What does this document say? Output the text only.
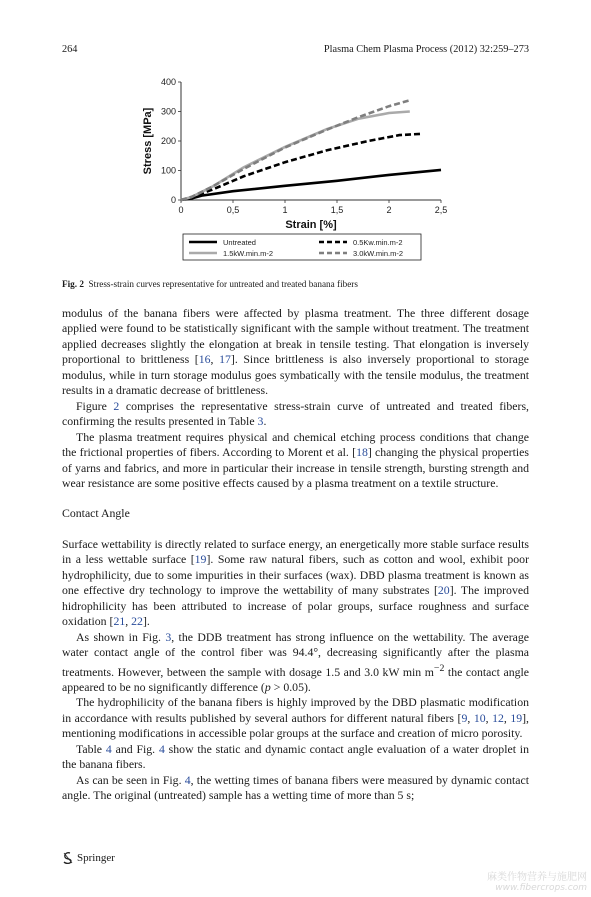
264	Plasma Chem Plasma Process (2012) 32:259–273
0	0,5	1	1,5	2	2,5
0
100
200
300
400
Strain [%]
Stress [MPa]
Untreated	0.5Kw.min.m-2
1.5kW.min.m-2	3.0kW.min.m-2
Fig. 2 Stress-strain curves representative for untreated and treated banana fibers

modulus of the banana fibers were affected by plasma treatment. The three different dosage applied were found to be statistically significant with the sample without treatment. The treatment applied decreases slightly the elongation at break in tensile testing. That elongation is inversely proportional to brittleness [16, 17]. Since brittleness is also inversely proportional to storage modulus, while in turn storage modulus goes symbatically with the tensile modulus, the treatment results in a dramatic decrease of brittleness.

Figure 2 comprises the representative stress-strain curve of untreated and treated fibers, confirming the results presented in Table 3.

The plasma treatment requires physical and chemical etching process conditions that change the frictional properties of fibers. According to Morent et al. [18] changing the physical properties of yarns and fabrics, and more in particular their increase in tensile strength, bursting strength and wear resistance are some positive effects caused by a plasma treatment on a textile structure.

Contact Angle

Surface wettability is directly related to surface energy, an energetically more stable surface results in a less wettable surface [19]. Some raw natural fibers, such as cotton and wool, exhibit poor hydrophilicity, due to some impurities in their surfaces (wax). DBD plasma treatment is known as one effective dry technology to improve the wettability of many substrates [20]. The improved hidrophilicity has been attributed to increase of polar groups, surface roughness and surface oxidation [21, 22].

As shown in Fig. 3, the DDB treatment has strong influence on the wettability. The average water contact angle of the control fiber was 94.4°, decreasing significantly after the plasma treatments. However, between the sample with dosage 1.5 and 3.0 kW $\min m^{-2}$ the contact angle appeared to be no significantly difference (p > 0.05).

The hydrophilicity of the banana fibers is highly improved by the DBD plasmatic modification in accordance with results published by several authors for different natural fibers [9, 10, 12, 19], mentioning modifications in accessible polar groups at the surface and creation of micro porosity.

Table 4 and Fig. 4 show the static and dynamic contact angle evaluation of a water droplet in the banana fibers.

As can be seen in Fig. 4, the wetting times of banana fibers were measured by dynamic contact angle. The original (untreated) sample has a wetting time of more than 5 s;

Springer
麻类作物营养与施肥网
www.fibercrops.com
